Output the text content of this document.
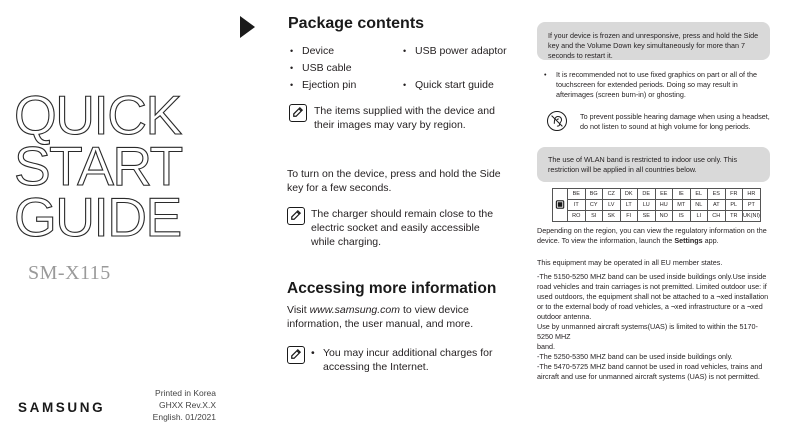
QUICK
START
GUIDE
SM-X115
Printed in Korea
GHXX Rev.X.X
English. 01/2021
SAMSUNG
Package contents
• Device
• USB cable
• Ejection pin
• USB power adaptor
• Quick start guide
The items supplied with the device and their images may vary by region.
To turn on the device, press and hold the Side key for a few seconds.
The charger should remain close to the electric socket and easily accessible while charging.
Accessing more information
Visit www.samsung.com to view device information, the user manual, and more.
• You may incur additional charges for accessing the Internet.
If your device is frozen and unresponsive, press and hold the Side key and the Volume Down key simultaneously for more than 7 seconds to restart it.
•	It is recommended not to use fixed graphics on part or all of the touchscreen for extended periods. Doing so may result in afterimages (screen burn-in) or ghosting.
To prevent possible hearing damage when using a headset, do not listen to sound at high volume for long periods.
The use of WLAN band is restricted to indoor use only. This restriction will be applied in all countries below.
	BE	BG	CZ	DK	DE	EE	IE	EL	ES	FR	HR
	IT	CY	LV	LT	LU	HU	MT	NL	AT	PL	PT
	RO	SI	SK	FI	SE	NO	IS	LI	CH	TR	UK(NI)
Depending on the region, you can view the regulatory information on the device. To view the information, launch the Settings app.
This equipment may be operated in all EU member states.
-The 5150-5250 MHZ band can be used inside buildings only.Use inside road vehicles and train carriages is not premitted. Limited outdoor use: if used outdoors, the equipment shall not be attached to a ¬xed installation or to the external body of road vehicles, a ¬xed infrastructure or a ¬xed outdoor antenna.
Use by unmanned aircraft systems(UAS) is limited to within the 5170-5250 MHZ
band.
-The 5250-5350 MHZ band can be used inside buildings only.
-The 5470-5725 MHZ band cannot be used in road vehicles, trains and aircraft and use for unmanned aircraft systems (UAS) is not permitted.
